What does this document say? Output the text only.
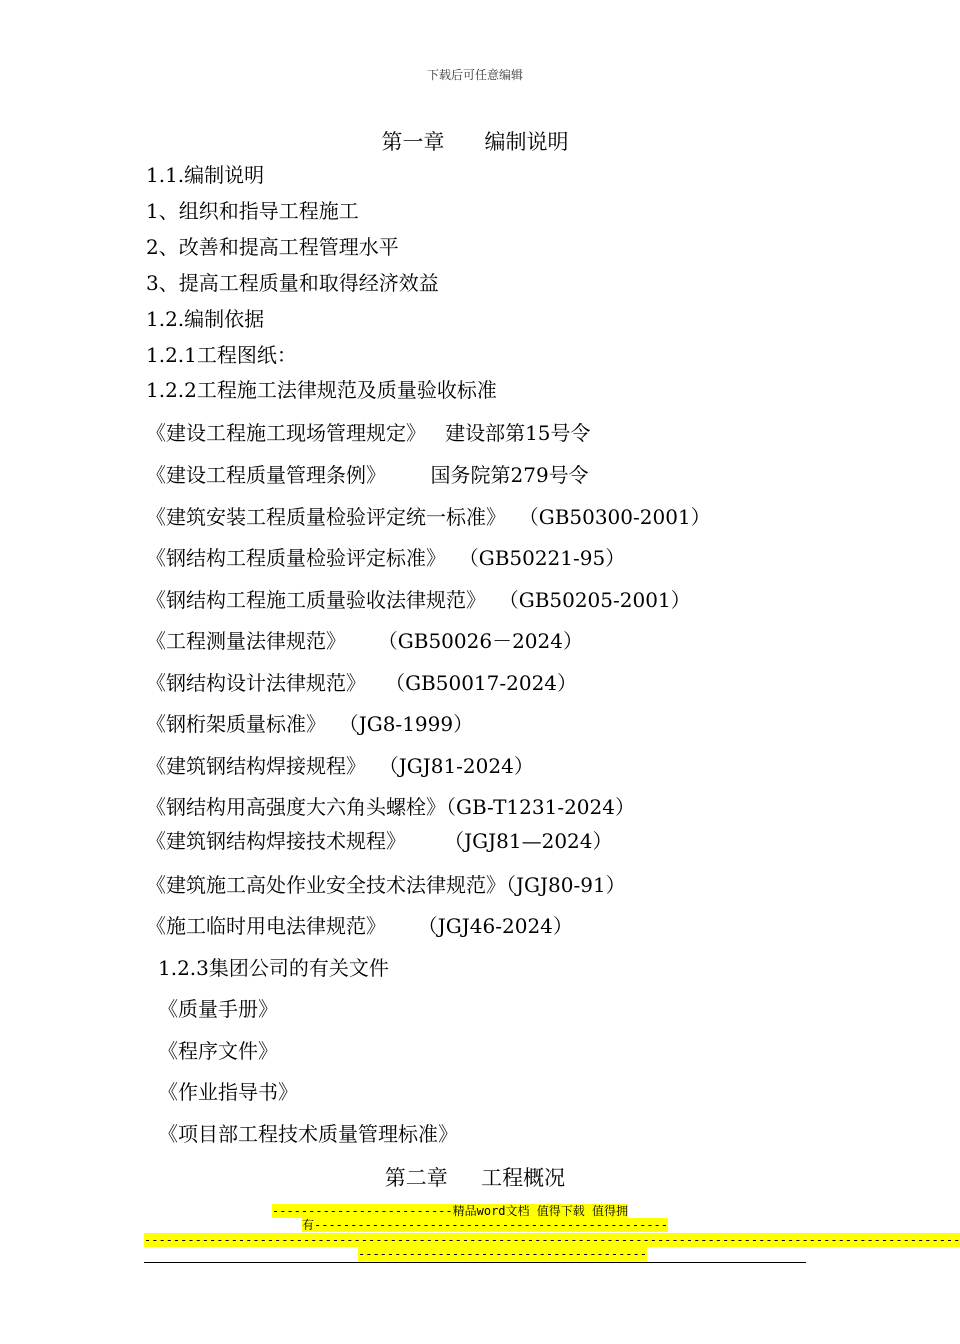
下载后可任意编辑
第一章      编制说明
1.1.编制说明
1、组织和指导工程施工
2、改善和提高工程管理水平
3、提高工程质量和取得经济效益
1.2.编制依据
1.2.1工程图纸：
1.2.2工程施工法律规范及质量验收标准
《建设工程施工现场管理规定》   建设部第15号令
《建设工程质量管理条例》       国务院第279号令
《建筑安装工程质量检验评定统一标准》  （GB50300-2001）
《钢结构工程质量检验评定标准》  （GB50221-95）
《钢结构工程施工质量验收法律规范》  （GB50205-2001）
《工程测量法律规范》     （GB50026－2024）
《钢结构设计法律规范》   （GB50017-2024）
《钢桁架质量标准》  （JG8-1999）
《建筑钢结构焊接规程》  （JGJ81-2024）
《钢结构用高强度大六角头螺栓》（GB-T1231-2024）
《建筑钢结构焊接技术规程》      （JGJ81—2024）
《建筑施工高处作业安全技术法律规范》（JGJ80-91）
《施工临时用电法律规范》     （JGJ46-2024）
1.2.3集团公司的有关文件
《质量手册》
《程序文件》
《作业指导书》
《项目部工程技术质量管理标准》
第二章     工程概况
-------------------------精品word文档 值得下载 值得拥
有-------------------------------------------------
-----------------------------------------------------------------------------------------------------------------
----------------------------------------
